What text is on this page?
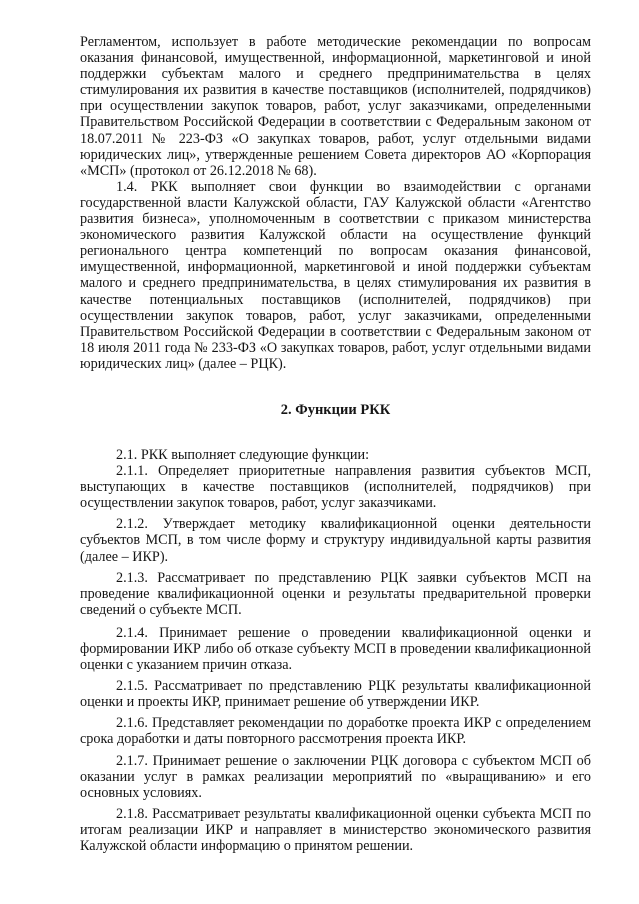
Регламентом, использует в работе методические рекомендации по вопросам оказания финансовой, имущественной, информационной, маркетинговой и иной поддержки субъектам малого и среднего предпринимательства в целях стимулирования их развития в качестве поставщиков (исполнителей, подрядчиков) при осуществлении закупок товаров, работ, услуг заказчиками, определенными Правительством Российской Федерации в соответствии с Федеральным законом от 18.07.2011 № 223-ФЗ «О закупках товаров, работ, услуг отдельными видами юридических лиц», утвержденные решением Совета директоров АО «Корпорация «МСП» (протокол от 26.12.2018 № 68).

1.4. РКК выполняет свои функции во взаимодействии с органами государственной власти Калужской области, ГАУ Калужской области «Агентство развития бизнеса», уполномоченным в соответствии с приказом министерства экономического развития Калужской области на осуществление функций регионального центра компетенций по вопросам оказания финансовой, имущественной, информационной, маркетинговой и иной поддержки субъектам малого и среднего предпринимательства, в целях стимулирования их развития в качестве потенциальных поставщиков (исполнителей, подрядчиков) при осуществлении закупок товаров, работ, услуг заказчиками, определенными Правительством Российской Федерации в соответствии с Федеральным законом от 18 июля 2011 года № 233-ФЗ «О закупках товаров, работ, услуг отдельными видами юридических лиц» (далее – РЦК).

2. Функции РКК

2.1. РКК выполняет следующие функции:

2.1.1. Определяет приоритетные направления развития субъектов МСП, выступающих в качестве поставщиков (исполнителей, подрядчиков) при осуществлении закупок товаров, работ, услуг заказчиками.

2.1.2. Утверждает методику квалификационной оценки деятельности субъектов МСП, в том числе форму и структуру индивидуальной карты развития (далее – ИКР).

2.1.3. Рассматривает по представлению РЦК заявки субъектов МСП на проведение квалификационной оценки и результаты предварительной проверки сведений о субъекте МСП.

2.1.4. Принимает решение о проведении квалификационной оценки и формировании ИКР либо об отказе субъекту МСП в проведении квалификационной оценки с указанием причин отказа.

2.1.5. Рассматривает по представлению РЦК результаты квалификационной оценки и проекты ИКР, принимает решение об утверждении ИКР.

2.1.6. Представляет рекомендации по доработке проекта ИКР с определением срока доработки и даты повторного рассмотрения проекта ИКР.

2.1.7. Принимает решение о заключении РЦК договора с субъектом МСП об оказании услуг в рамках реализации мероприятий по «выращиванию» и его основных условиях.

2.1.8. Рассматривает результаты квалификационной оценки субъекта МСП по итогам реализации ИКР и направляет в министерство экономического развития Калужской области информацию о принятом решении.
